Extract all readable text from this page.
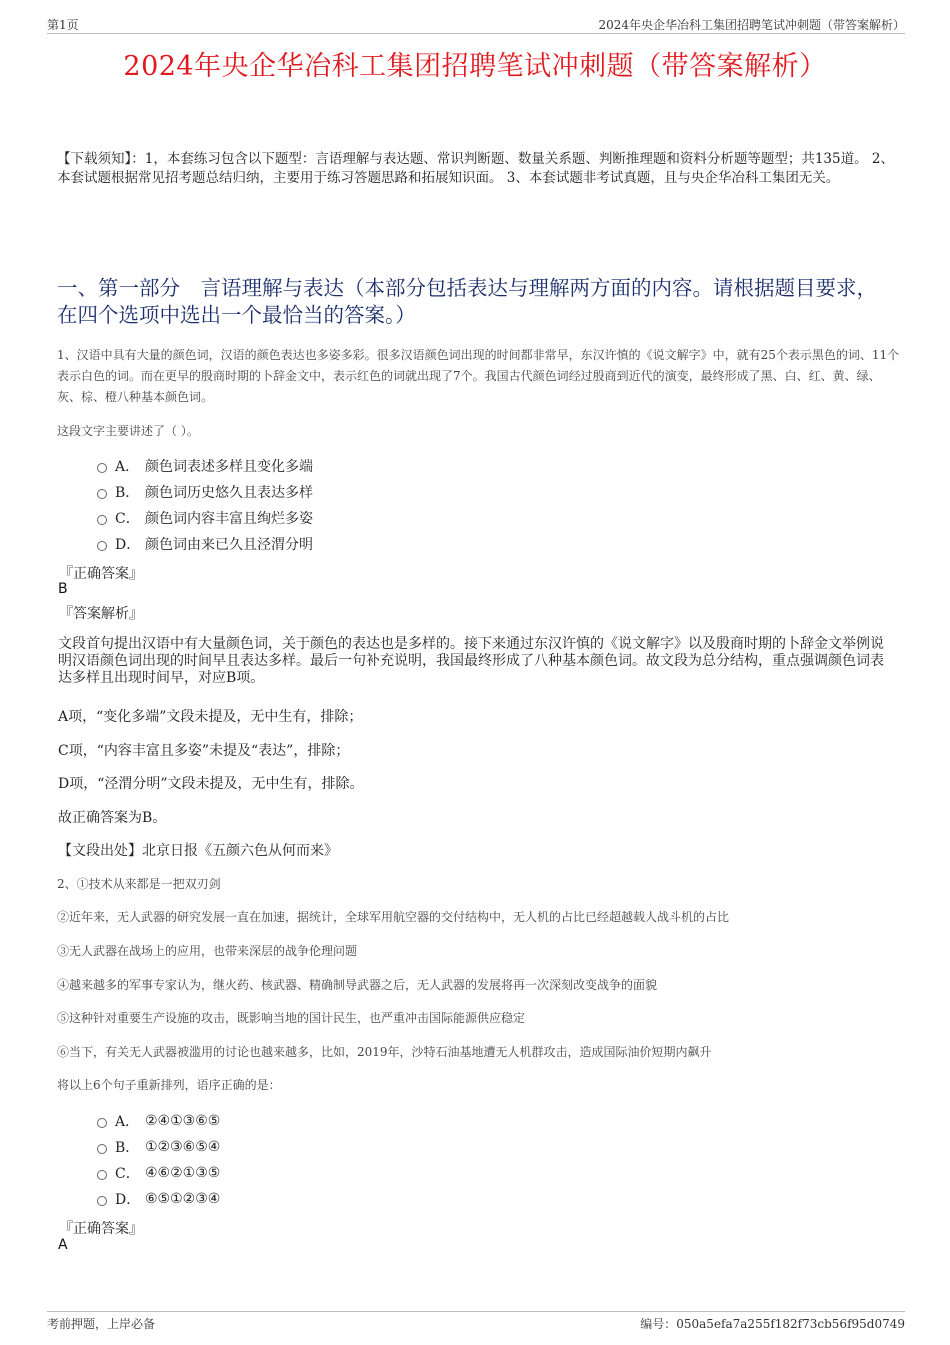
第1页	2024年央企华冶科工集团招聘笔试冲刺题（带答案解析）
2024年央企华冶科工集团招聘笔试冲刺题（带答案解析）
【下载须知】：1，本套练习包含以下题型：言语理解与表达题、常识判断题、数量关系题、判断推理题和资料分析题等题型；共135道。 2、本套试题根据常见招考题总结归纳，主要用于练习答题思路和拓展知识面。 3、本套试题非考试真题，且与央企华冶科工集团无关。
一、第一部分　言语理解与表达（本部分包括表达与理解两方面的内容。请根据题目要求，在四个选项中选出一个最恰当的答案。）
1、汉语中具有大量的颜色词，汉语的颜色表达也多姿多彩。很多汉语颜色词出现的时间都非常早，东汉许慎的《说文解字》中，就有25个表示黑色的词、11个表示白色的词。而在更早的殷商时期的卜辞金文中，表示红色的词就出现了7个。我国古代颜色词经过殷商到近代的演变，最终形成了黑、白、红、黄、绿、灰、棕、橙八种基本颜色词。
这段文字主要讲述了（ ）。
A． 颜色词表述多样且变化多端
B． 颜色词历史悠久且表达多样
C． 颜色词内容丰富且绚烂多姿
D． 颜色词由来已久且泾渭分明
『正确答案』
B
『答案解析』
文段首句提出汉语中有大量颜色词，关于颜色的表达也是多样的。接下来通过东汉许慎的《说文解字》以及殷商时期的卜辞金文举例说明汉语颜色词出现的时间早且表达多样。最后一句补充说明，我国最终形成了八种基本颜色词。故文段为总分结构，重点强调颜色词表达多样且出现时间早，对应B项。
A项，“变化多端”文段未提及，无中生有，排除；
C项，“内容丰富且多姿”未提及“表达”，排除；
D项，“泾渭分明”文段未提及，无中生有，排除。
故正确答案为B。
【文段出处】北京日报《五颜六色从何而来》
2、①技术从来都是一把双刃剑
②近年来，无人武器的研究发展一直在加速，据统计，全球军用航空器的交付结构中，无人机的占比已经超越载人战斗机的占比
③无人武器在战场上的应用，也带来深层的战争伦理问题
④越来越多的军事专家认为，继火药、核武器、精确制导武器之后，无人武器的发展将再一次深刻改变战争的面貌
⑤这种针对重要生产设施的攻击，既影响当地的国计民生，也严重冲击国际能源供应稳定
⑥当下，有关无人武器被滥用的讨论也越来越多，比如，2019年，沙特石油基地遭无人机群攻击，造成国际油价短期内飙升
将以上6个句子重新排列，语序正确的是：
A． ②④①③⑥⑤
B． ①②③⑥⑤④
C． ④⑥②①③⑤
D． ⑥⑤①②③④
『正确答案』
A
考前押题，上岸必备	编号：050a5efa7a255f182f73cb56f95d0749
